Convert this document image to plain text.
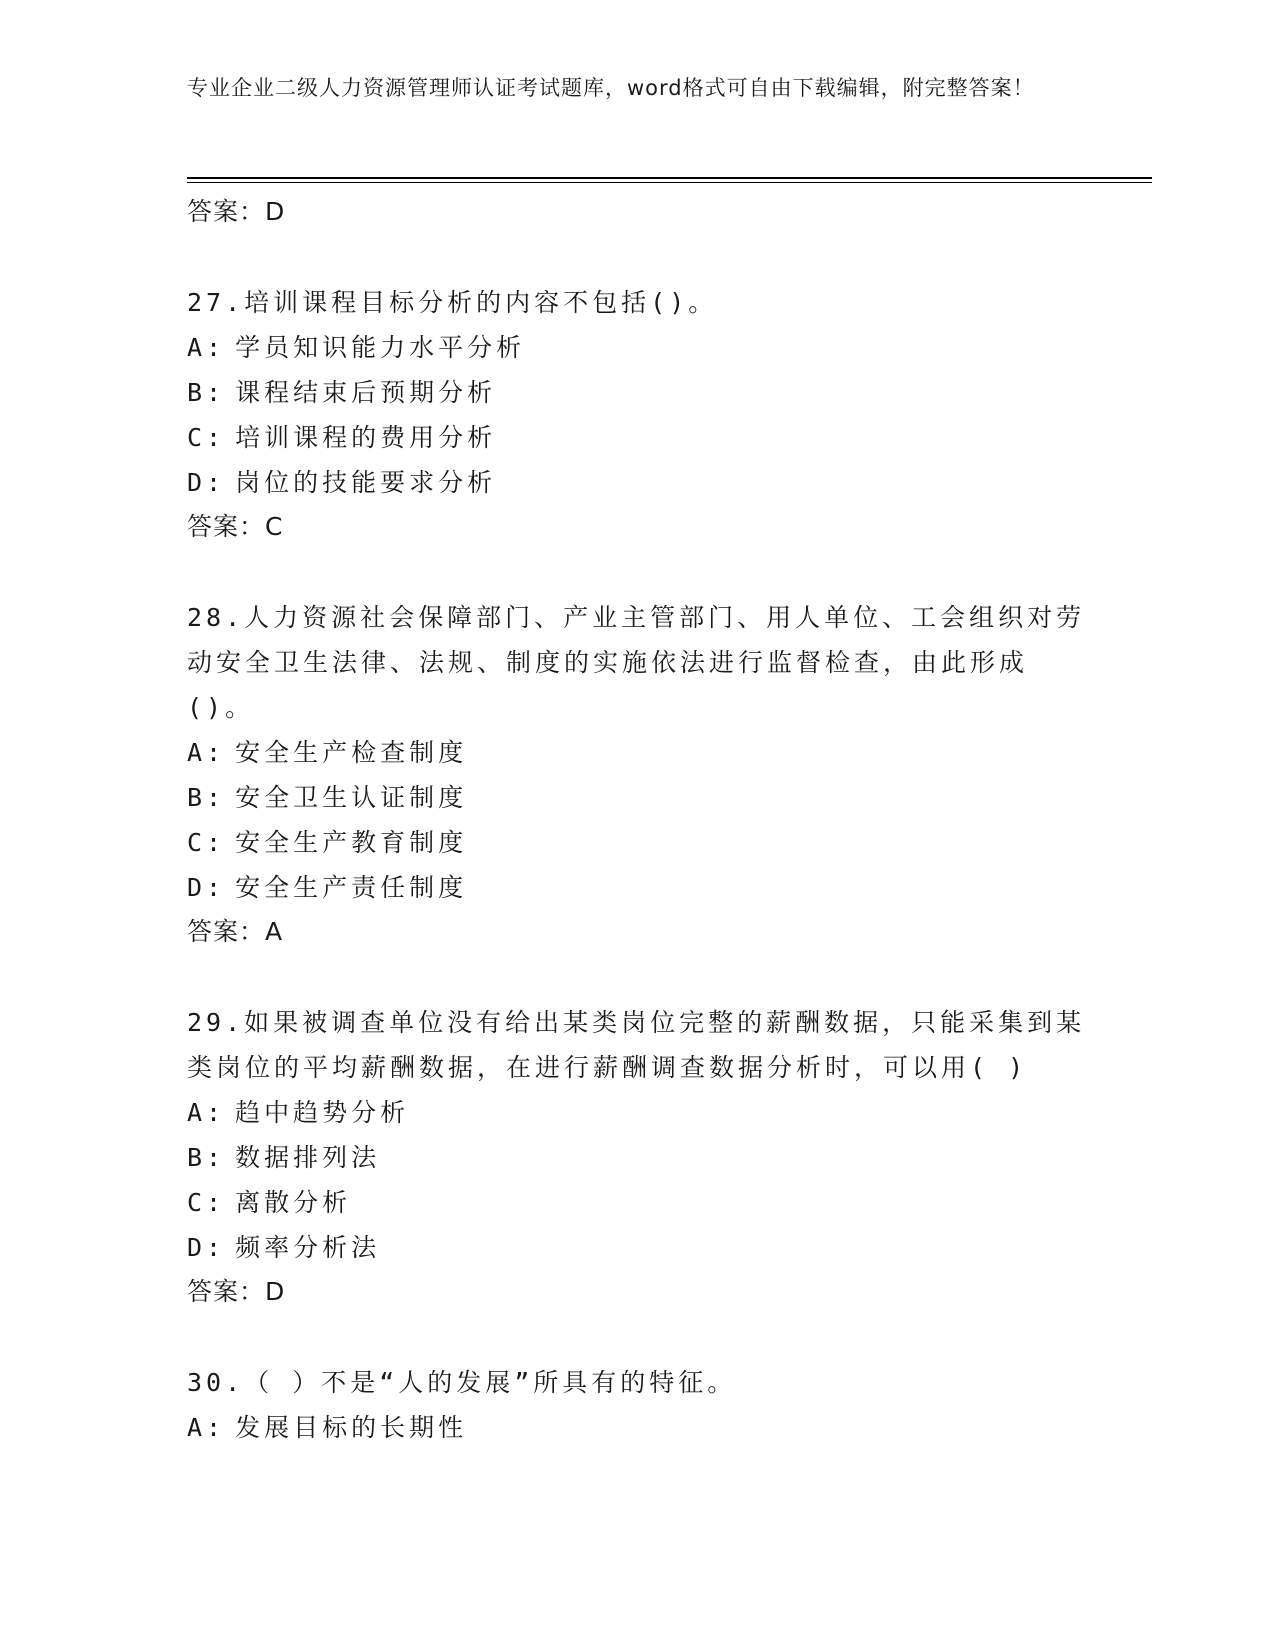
专业企业二级人力资源管理师认证考试题库，word格式可自由下载编辑，附完整答案！
答案：D
27.培训课程目标分析的内容不包括()。
A: 学员知识能力水平分析
B: 课程结束后预期分析
C: 培训课程的费用分析
D: 岗位的技能要求分析
答案：C
28.人力资源社会保障部门、产业主管部门、用人单位、工会组织对劳动安全卫生法律、法规、制度的实施依法进行监督检查，由此形成()。
A: 安全生产检查制度
B: 安全卫生认证制度
C: 安全生产教育制度
D: 安全生产责任制度
答案：A
29.如果被调查单位没有给出某类岗位完整的薪酬数据，只能采集到某类岗位的平均薪酬数据，在进行薪酬调查数据分析时，可以用( )
A: 趋中趋势分析
B: 数据排列法
C: 离散分析
D: 频率分析法
答案：D
30.（ ）不是“人的发展”所具有的特征。
A: 发展目标的长期性
